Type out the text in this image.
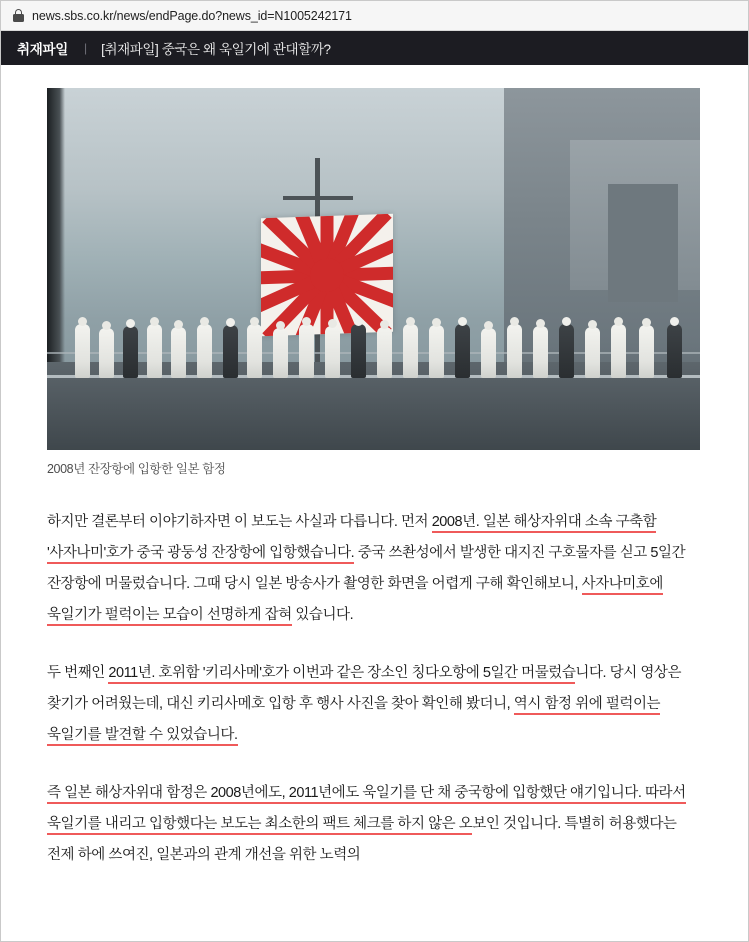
news.sbs.co.kr/news/endPage.do?news_id=N1005242171
취재파일 | [취재파일] 중국은 왜 욱일기에 관대할까?
2008년 잔장항에 입항한 일본 함정

하지만 결론부터 이야기하자면 이 보도는 사실과 다릅니다. 먼저 2008년. 일본 해상자위대 소속 구축함 '사자나미'호가 중국 광둥성 잔장항에 입항했습니다. 중국 쓰촨성에서 발생한 대지진 구호물자를 싣고 5일간 잔장항에 머물렀습니다. 그때 당시 일본 방송사가 촬영한 화면을 어렵게 구해 확인해보니, 사자나미호에 욱일기가 펄럭이는 모습이 선명하게 잡혀 있습니다.

두 번째인 2011년. 호위함 '키리사메'호가 이번과 같은 장소인 칭다오항에 5일간 머물렀습니다. 당시 영상은 찾기가 어려웠는데, 대신 키리사메호 입항 후 행사 사진을 찾아 확인해 봤더니, 역시 함정 위에 펄럭이는 욱일기를 발견할 수 있었습니다.

즉 일본 해상자위대 함정은 2008년에도, 2011년에도 욱일기를 단 채 중국항에 입항했단 얘기입니다. 따라서 욱일기를 내리고 입항했다는 보도는 최소한의 팩트 체크를 하지 않은 오보인 것입니다. 특별히 허용했다는 전제 하에 쓰여진, 일본과의 관계 개선을 위한 노력의
